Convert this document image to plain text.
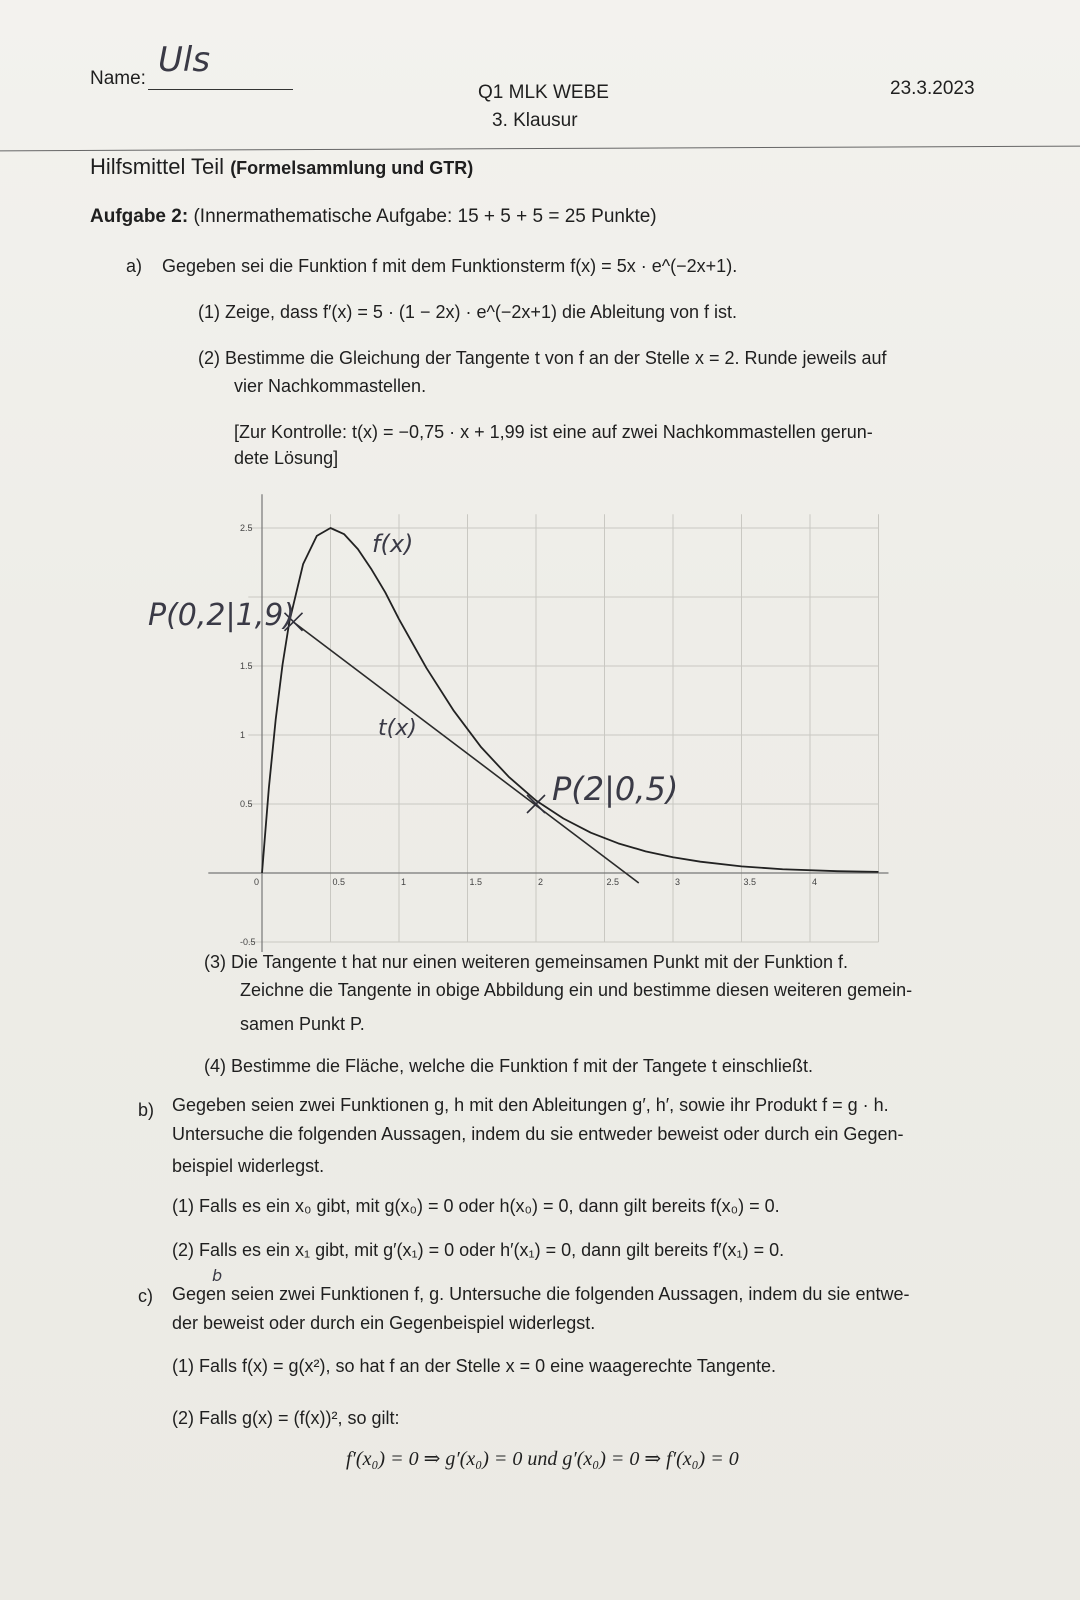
Name: Uls
Q1 MLK WEBE
3. Klausur
23.3.2023
Hilfsmittel Teil (Formelsammlung und GTR)
Aufgabe 2: (Innermathematische Aufgabe: 15 + 5 + 5 = 25 Punkte)
a) Gegeben sei die Funktion f mit dem Funktionsterm f(x) = 5x · e^(−2x+1).
(1) Zeige, dass f′(x) = 5 · (1 − 2x) · e^(−2x+1) die Ableitung von f ist.
(2) Bestimme die Gleichung der Tangente t von f an der Stelle x = 2. Runde jeweils auf
vier Nachkommastellen.
[Zur Kontrolle: t(x) = −0,75 · x + 1,99 ist eine auf zwei Nachkommastellen gerun-
dete Lösung]
0	0.5	1	1.5	2	2.5	3	3.5	4
-0.5
0.5
1
1.5
2.5
f(x)
t(x)
P(0,2|1,9)
P(2|0,5)
(3) Die Tangente t hat nur einen weiteren gemeinsamen Punkt mit der Funktion f.
Zeichne die Tangente in obige Abbildung ein und bestimme diesen weiteren gemein-
samen Punkt P.
(4) Bestimme die Fläche, welche die Funktion f mit der Tangete t einschließt.
b) Gegeben seien zwei Funktionen g, h mit den Ableitungen g′, h′, sowie ihr Produkt f = g · h.
Untersuche die folgenden Aussagen, indem du sie entweder beweist oder durch ein Gegen-
beispiel widerlegst.
(1) Falls es ein x₀ gibt, mit g(x₀) = 0 oder h(x₀) = 0, dann gilt bereits f(x₀) = 0.
(2) Falls es ein x₁ gibt, mit g′(x₁) = 0 oder h′(x₁) = 0, dann gilt bereits f′(x₁) = 0.
b
c) Gegen seien zwei Funktionen f, g. Untersuche die folgenden Aussagen, indem du sie entwe-
der beweist oder durch ein Gegenbeispiel widerlegst.
(1) Falls f(x) = g(x²), so hat f an der Stelle x = 0 eine waagerechte Tangente.
(2) Falls g(x) = (f(x))², so gilt:
f′(x₀) = 0 ⇒ g′(x₀) = 0 und g′(x₀) = 0 ⇒ f′(x₀) = 0
